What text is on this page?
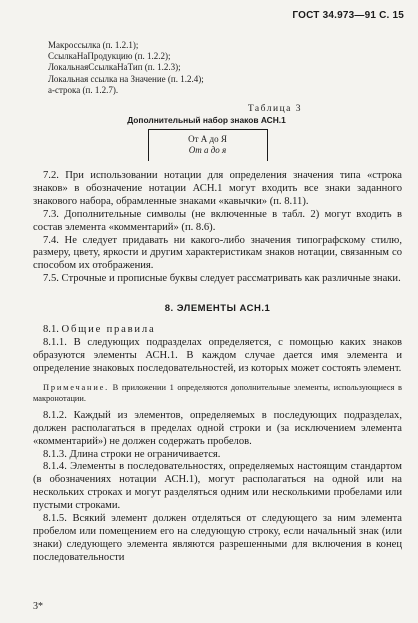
ГОСТ 34.973—91 С. 15
Макроссылка (п. 1.2.1);
СсылкаНаПродукцию (п. 1.2.2);
ЛокальнаяСсылкаНаТип (п. 1.2.3);
Локальная ссылка на Значение (п. 1.2.4);
а-строка (п. 1.2.7).
Таблица 3
Дополнительный набор знаков АСН.1
От А до Я
От а до я

7.2. При использовании нотации для определения значения типа «строка знаков» в обозначение нотации АСН.1 могут входить все знаки заданного знакового набора, обрамленные знаками «кавычки» (п. 8.11).

7.3. Дополнительные символы (не включенные в табл. 2) могут входить в состав элемента «комментарий» (п. 8.6).

7.4. Не следует придавать ни какого-либо значения типографскому стилю, размеру, цвету, яркости и другим характеристикам знаков нотации, связанным со способом их отображения.

7.5. Строчные и прописные буквы следует рассматривать как различные знаки.

8. ЭЛЕМЕНТЫ АСН.1

8.1. Общие правила

8.1.1. В следующих подразделах определяется, с помощью каких знаков образуются элементы АСН.1. В каждом случае дается имя элемента и определение знаковых последовательностей, из которых может состоять элемент.

Примечание. В приложении 1 определяются дополнительные элементы, использующиеся в макронотации.

8.1.2. Каждый из элементов, определяемых в последующих подразделах, должен располагаться в пределах одной строки и (за исключением элемента «комментарий») не должен содержать пробелов.

8.1.3. Длина строки не ограничивается.

8.1.4. Элементы в последовательностях, определяемых настоящим стандартом (в обозначениях нотации АСН.1), могут располагаться на одной или на нескольких строках и могут разделяться одним или несколькими пробелами или пустыми строками.

8.1.5. Всякий элемент должен отделяться от следующего за ним элемента пробелом или помещением его на следующую строку, если начальный знак (или знаки) следующего элемента являются разрешенными для включения в конец последовательности

3*
